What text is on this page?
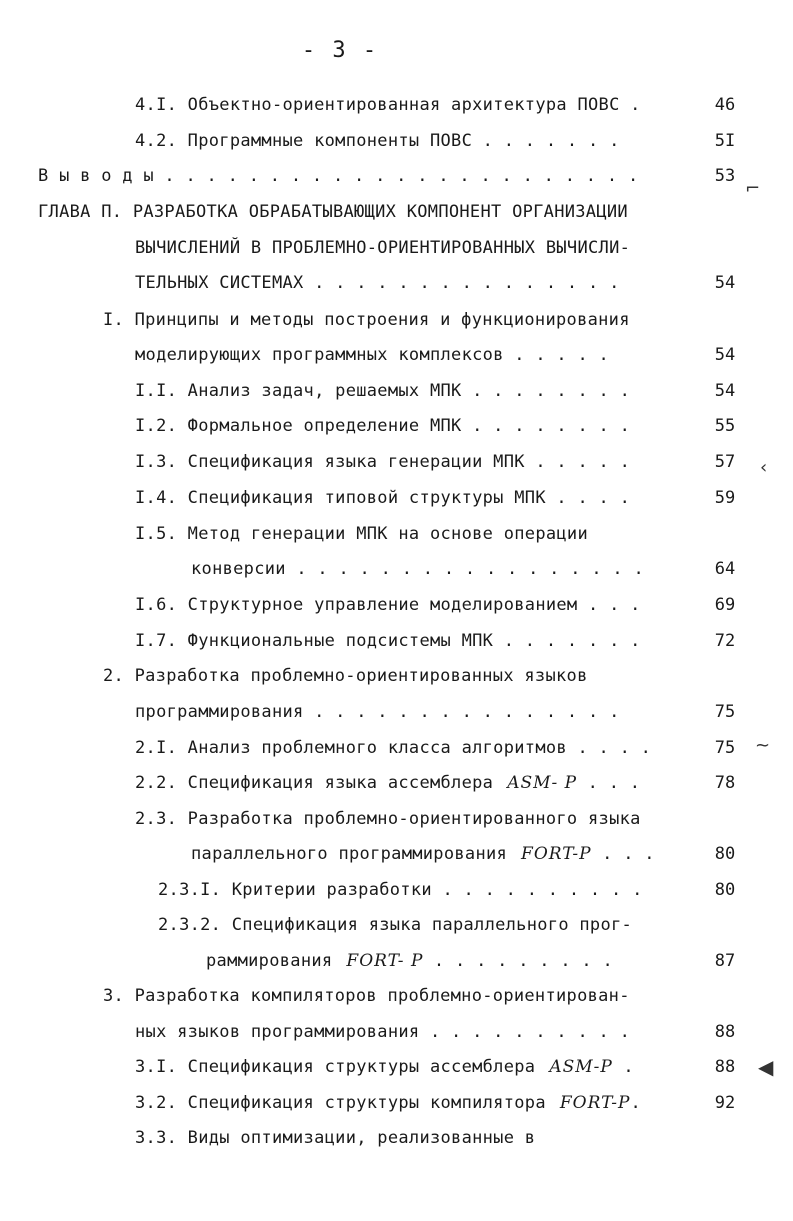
- 3 -
4.I. Объектно-ориентированная архитектура ПОВС .	46
4.2. Программные компоненты ПОВС . . . . . . .	5I
В ы в о д ы . . . . . . . . . . . . . . . . . . . . . . .	53
ГЛАВА П. РАЗРАБОТКА ОБРАБАТЫВАЮЩИХ КОМПОНЕНТ ОРГАНИЗАЦИИ
ВЫЧИСЛЕНИЙ В ПРОБЛЕМНО-ОРИЕНТИРОВАННЫХ ВЫЧИСЛИ-
ТЕЛЬНЫХ СИСТЕМАХ . . . . . . . . . . . . . . .	54
I. Принципы и методы построения и функционирования
моделирующих программных комплексов . . . . .	54
I.I. Анализ задач, решаемых МПК . . . . . . . .	54
I.2. Формальное определение МПК . . . . . . . .	55
I.3. Спецификация языка генерации МПК . . . . .	57
I.4. Спецификация типовой структуры МПК . . . .	59
I.5. Метод генерации МПК на основе операции
конверсии . . . . . . . . . . . . . . . . .	64
I.6. Структурное управление моделированием . . .	69
I.7. Функциональные подсистемы МПК . . . . . . .	72
2. Разработка проблемно-ориентированных языков
программирования . . . . . . . . . . . . . . .	75
2.I. Анализ проблемного класса алгоритмов . . . .	75
2.2. Спецификация языка ассемблера ASM- P . . .	78
2.3. Разработка проблемно-ориентированного языка
параллельного программирования FORT-P . . .	80
2.3.I. Критерии разработки . . . . . . . . . .	80
2.3.2. Спецификация языка параллельного прог-
раммирования FORT- P . . . . . . . . .	87
3. Разработка компиляторов проблемно-ориентирован-
ных языков программирования . . . . . . . . . .	88
3.I. Спецификация структуры ассемблера ASM-P .	88
3.2. Спецификация структуры компилятора FORT-P.	92
3.3. Виды оптимизации, реализованные в
⌐
‹
~
◀
